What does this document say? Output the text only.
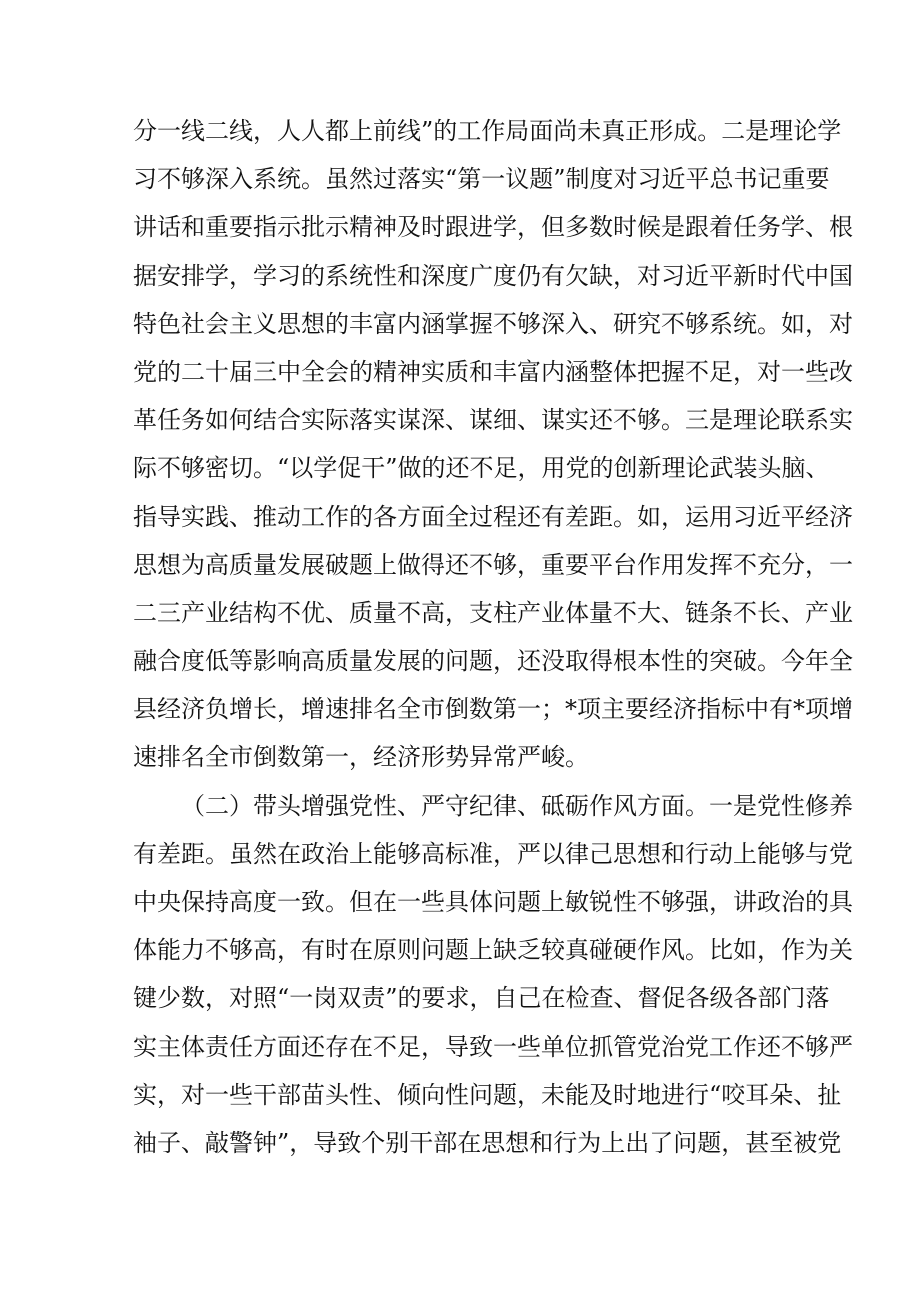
分一线二线，人人都上前线”的工作局面尚未真正形成。二是理论学
习不够深入系统。虽然过落实“第一议题”制度对习近平总书记重要
讲话和重要指示批示精神及时跟进学，但多数时候是跟着任务学、根
据安排学，学习的系统性和深度广度仍有欠缺，对习近平新时代中国
特色社会主义思想的丰富内涵掌握不够深入、研究不够系统。如，对
党的二十届三中全会的精神实质和丰富内涵整体把握不足，对一些改
革任务如何结合实际落实谋深、谋细、谋实还不够。三是理论联系实
际不够密切。“以学促干”做的还不足，用党的创新理论武装头脑、
指导实践、推动工作的各方面全过程还有差距。如，运用习近平经济
思想为高质量发展破题上做得还不够，重要平台作用发挥不充分，一
二三产业结构不优、质量不高，支柱产业体量不大、链条不长、产业
融合度低等影响高质量发展的问题，还没取得根本性的突破。今年全
县经济负增长，增速排名全市倒数第一；*项主要经济指标中有*项增
速排名全市倒数第一，经济形势异常严峻。
（二）带头增强党性、严守纪律、砥砺作风方面。一是党性修养
有差距。虽然在政治上能够高标准，严以律己思想和行动上能够与党
中央保持高度一致。但在一些具体问题上敏锐性不够强，讲政治的具
体能力不够高，有时在原则问题上缺乏较真碰硬作风。比如，作为关
键少数，对照“一岗双责”的要求，自己在检查、督促各级各部门落
实主体责任方面还存在不足，导致一些单位抓管党治党工作还不够严
实，对一些干部苗头性、倾向性问题，未能及时地进行“咬耳朵、扯
袖子、敲警钟”，导致个别干部在思想和行为上出了问题，甚至被党
